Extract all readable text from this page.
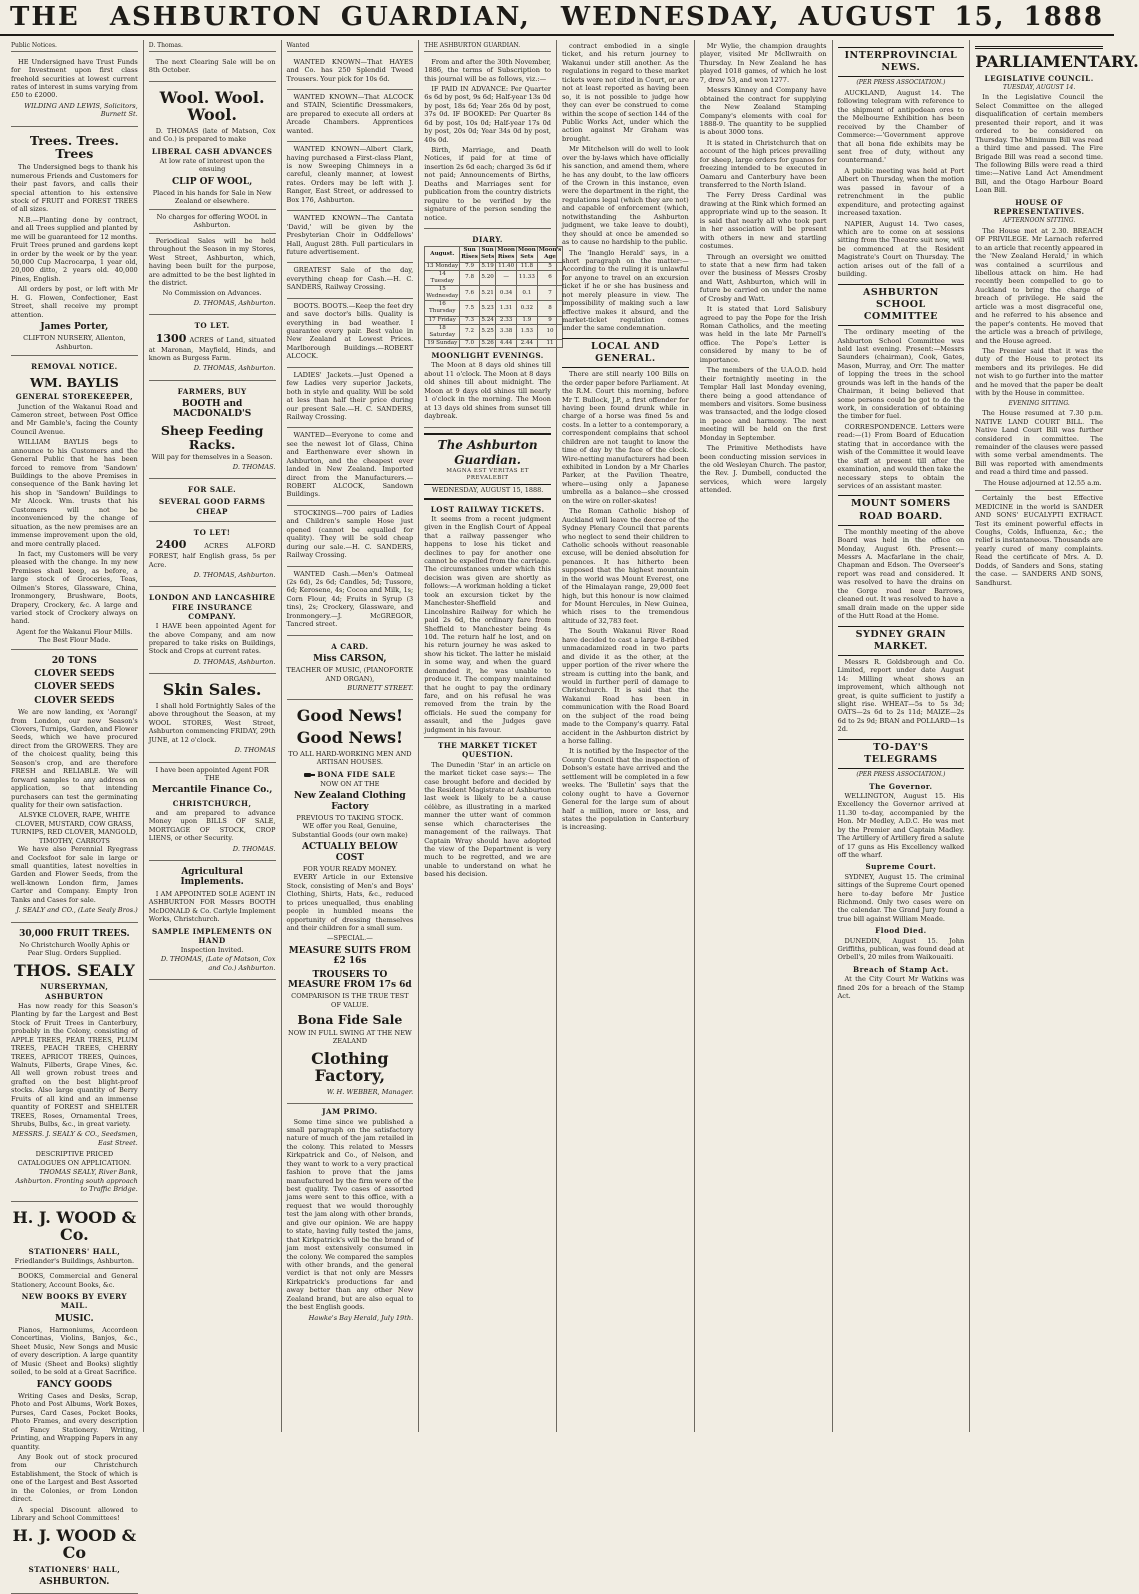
THE ASHBURTON GUARDIAN, WEDNESDAY, AUGUST 15, 1888
Public Notices.

HE Undersigned have Trust Funds for Investment upon first class freehold securities at lowest current rates of interest in sums varying from £50 to £2000.

WILDING AND LEWIS, Solicitors, Burnett St.
Trees. Trees. Trees

The Undersigned begs to thank his numerous Friends and Customers for their past favors, and calls their special attention to his extensive stock of FRUIT and FOREST TREES of all sizes.

N.B.—Planting done by contract, and all Trees supplied and planted by me will be guaranteed for 12 months. Fruit Trees pruned and gardens kept in order by the week or by the year. 50,000 Cup Macrocarpa, 1 year old, 20,000 ditto, 2 years old. 40,000 Pines, English.

All orders by post, or left with Mr H. G. Flowen, Confectioner, East Street, shall receive my prompt attention.

James Porter,
CLIFTON NURSERY, Allenton, Ashburton.
REMOVAL NOTICE.
WM. BAYLIS
GENERAL STOREKEEPER,

Junction of the Wakanui Road and Cameron street, between Post Office and Mr Gamble's, facing the County Council Avenue.

WILLIAM BAYLIS begs to announce to his Customers and the General Public that he has been forced to remove from 'Sandown' Buildings to the above Premises in consequence of the Bank having let his shop in 'Sandown' Buildings to Mr Alcock. Wm. trusts that his Customers will not be inconvenienced by the change of situation, as the new premises are an immense improvement upon the old, and more centrally placed.

In fact, my Customers will be very pleased with the change. In my new Premises shall keep, as before, a large stock of Groceries, Teas, Oilmen's Stores, Glassware, China, Ironmongery, Brushware, Boots, Drapery, Crockery, &c. A large and varied stock of Crockery always on hand.

Agent for the Wakanui Flour Mills. The Best Flour Made.
20 TONS
CLOVER SEEDS
CLOVER SEEDS
CLOVER SEEDS

We are now landing, ex 'Aorangi' from London, our new Season's Clovers, Turnips, Garden, and Flower Seeds, which we have procured direct from the GROWERS. They are of the choicest quality, being this Season's crop, and are therefore FRESH and RELIABLE. We will forward samples to any address on application, so that intending purchasers can test the germinating quality for their own satisfaction.

ALSYKE CLOVER, RAPE, WHITE CLOVER, MUSTARD, COW GRASS, TURNIPS, RED CLOVER, MANGOLD, TIMOTHY, CARROTS

We have also Perennial Ryegrass and Cocksfoot for sale in large or small quantities, latest novelties in Garden and Flower Seeds, from the well-known London firm, James Carter and Company. Empty Iron Tanks and Cases for sale.

J. SEALY and CO., (Late Sealy Bros.)
30,000 FRUIT TREES.
No Christchurch Woolly Aphis or Pear Slug. Orders Supplied.
THOS. SEALY
NURSERYMAN, ASHBURTON

Has now ready for this Season's Planting by far the Largest and Best Stock of Fruit Trees in Canterbury, probably in the Colony, consisting of APPLE TREES, PEAR TREES, PLUM TREES, PEACH TREES, CHERRY TREES, APRICOT TREES, Quinces, Walnuts, Filberts, Grape Vines, &c. All well grown robust trees and grafted on the best blight-proof stocks. Also large quantity of Berry Fruits of all kind and an immense quantity of FOREST and SHELTER TREES, Roses, Ornamental Trees, Shrubs, Bulbs, &c., in great variety.

MESSRS. J. SEALY & CO., Seedsmen, East Street.
DESCRIPTIVE PRICED CATALOGUES ON APPLICATION.
THOMAS SEALY, River Bank, Ashburton. Fronting south approach to Traffic Bridge.
H. J. WOOD & Co.
STATIONERS' HALL,
Friedlander's Buildings, Ashburton.

BOOKS, Commercial and General Stationery, Account Books, &c.

NEW BOOKS BY EVERY MAIL.
MUSIC.

Pianos, Harmoniums, Accordeon Concertinas, Violins, Banjos, &c., Sheet Music, New Songs and Music of every description. A large quantity of Music (Sheet and Books) slightly soiled, to be sold at a Great Sacrifice.

FANCY GOODS

Writing Cases and Desks, Scrap, Photo and Post Albums, Work Boxes, Purses, Card Cases, Pocket Books, Photo Frames, and every description of Fancy Stationery. Writing, Printing, and Wrapping Papers in any quantity.

Any Book out of stock procured from our Christchurch Establishment, the Stock of which is one of the Largest and Best Assorted in the Colonies, or from London direct.

A special Discount allowed to Library and School Committees!

H. J. WOOD & Co
STATIONERS' HALL,
ASHBURTON.
D. Thomas.

The next Clearing Sale will be on 8th October.

Wool. Wool. Wool.

D. THOMAS (late of Matson, Cox and Co.) is prepared to make

LIBERAL CASH ADVANCES
At low rate of interest upon the ensuing
CLIP OF WOOL,
Placed in his hands for Sale in New Zealand or elsewhere.
No charges for offering WOOL in Ashburton.

Periodical Sales will be held throughout the Season in my Stores, West Street, Ashburton, which, having been built for the purpose, are admitted to be the best lighted in the district.

No Commission on Advances.
D. THOMAS, Ashburton.
TO LET.

1300 ACRES of Land, situated at Maronan, Mayfield, Hinds, and known as Burgess Farm.

D. THOMAS, Ashburton.
FARMERS, BUY
BOOTH and MACDONALD'S
Sheep Feeding Racks.
Will pay for themselves in a Season.
D. THOMAS.
FOR SALE.
SEVERAL GOOD FARMS CHEAP
TO LET!

2400	ACRES ALFORD FOREST, half English grass, 5s per Acre.

D. THOMAS, Ashburton.
LONDON AND LANCASHIRE FIRE INSURANCE COMPANY.

I HAVE been appointed Agent for the above Company, and am now prepared to take risks on Buildings, Stock and Crops at current rates.

D. THOMAS, Ashburton.
Skin Sales.

I shall hold Fortnightly Sales of the above throughout the Season, at my WOOL STORES, West Street, Ashburton commencing FRIDAY, 29th JUNE, at 12 o'clock.

D. THOMAS
I have been appointed Agent FOR THE
Mercantile Finance Co.,
CHRISTCHURCH,

and am prepared to advance Money upon BILLS OF SALE, MORTGAGE OF STOCK, CROP LIENS, or other Security.

D. THOMAS.
Agricultural Implements.

I AM APPOINTED SOLE AGENT IN ASHBURTON FOR Messrs BOOTH McDONALD & Co. Carlyle Implement Works, Christchurch.

SAMPLE IMPLEMENTS ON HAND
Inspection Invited.
D. THOMAS, (Late of Matson, Cox and Co.) Ashburton.
Wanted

WANTED KNOWN—That HAYES and Co. has 250 Splendid Tweed Trousers. Your pick for 10s 6d.

WANTED KNOWN—That ALCOCK and STAIN, Scientific Dressmakers, are prepared to execute all orders at Arcade Chambers. Apprentices wanted.

WANTED KNOWN—Albert Clark, having purchased a First-class Plant, is now Sweeping Chimneys in a careful, cleanly manner, at lowest rates. Orders may be left with J. Ranger, East Street, or addressed to Box 176, Ashburton.

WANTED KNOWN—The Cantata 'David,' will be given by the Presbyterian Choir in Oddfellows' Hall, August 28th. Full particulars in future advertisement.

GREATEST Sale of the day, everything cheap for Cash.—H. C. SANDERS, Railway Crossing.

BOOTS. BOOTS.—Keep the feet dry and save doctor's bills. Quality is everything in bad weather. I guarantee every pair. Best value in New Zealand at Lowest Prices. Marlborough Buildings.—ROBERT ALCOCK.

LADIES' Jackets.—Just Opened a few Ladies very superior Jackets, both in style and quality. Will be sold at less than half their price during our present Sale.—H. C. SANDERS, Railway Crossing.

WANTED—Everyone to come and see the newest lot of Glass, China and Earthenware ever shown in Ashburton, and the cheapest ever landed in New Zealand. Imported direct from the Manufacturers.—ROBERT ALCOCK, Sandown Buildings.

STOCKINGS—700 pairs of Ladies and Children's sample Hose just opened (cannot be equalled for quality). They will be sold cheap during our sale.—H. C. SANDERS, Railway Crossing.

WANTED Cash.—Men's Oatmeal (2s 6d), 2s 6d; Candles, 5d; Tussore, 6d; Kerosene, 4s; Cocoa and Milk, 1s; Corn Flour, 4d; Fruits in Syrup (3 tins), 2s; Crockery, Glassware, and Ironmongery.—J. McGREGOR, Tancred street.

A CARD.
Miss CARSON,
TEACHER OF MUSIC, (PIANOFORTE AND ORGAN),
BURNETT STREET.
Good News!
Good News!
TO ALL HARD-WORKING MEN AND ARTISAN HOUSES.
BONA FIDE SALE
NOW ON AT THE
New Zealand Clothing Factory
PREVIOUS TO TAKING STOCK.
WE offer you Real, Genuine, Substantial Goods (our own make)
ACTUALLY BELOW COST
FOR YOUR READY MONEY.

EVERY Article in our Extensive Stock, consisting of Men's and Boys' Clothing, Shirts, Hats, &c., reduced to prices unequalled, thus enabling people in humbled means the opportunity of dressing themselves and their children for a small sum.

—SPECIAL.—
MEASURE SUITS FROM £2 16s
TROUSERS TO MEASURE FROM 17s 6d
COMPARISON IS THE TRUE TEST OF VALUE.
Bona Fide Sale
NOW IN FULL SWING AT THE NEW ZEALAND
Clothing Factory,
W. H. WEBBER, Manager.
JAM PRIMO.

Some time since we published a small paragraph on the satisfactory nature of much of the jam retailed in the colony. This related to Messrs Kirkpatrick and Co., of Nelson, and they want to work to a very practical fashion to prove that the jams manufactured by the firm were of the best quality. Two cases of assorted jams were sent to this office, with a request that we would thoroughly test the jam along with other brands, and give our opinion. We are happy to state, having fully tested the jams, that Kirkpatrick's will be the brand of jam most extensively consumed in the colony. We compared the samples with other brands, and the general verdict is that not only are Messrs Kirkpatrick's productions far and away better than any other New Zealand brand, but are also equal to the best English goods.

Hawke's Bay Herald, July 19th.
THE ASHBURTON GUARDIAN.

From and after the 30th November, 1886, the terms of Subscription to this journal will be as follows, viz.:—

IF PAID IN ADVANCE: Per Quarter 6s 6d by post, 9s 6d; Half-year 13s 0d by post, 18s 6d; Year 26s 0d by post, 37s 0d. IF BOOKED: Per Quarter 8s 6d by post, 10s 0d; Half-year 17s 0d by post, 20s 0d; Year 34s 0d by post, 40s 0d.

Birth, Marriage, and Death Notices, if paid for at time of insertion 2s 6d each; charged 3s 6d if not paid; Announcements of Births, Deaths and Marriages sent for publication from the country districts require to be verified by the signature of the person sending the notice.

DIARY.
August.	Sun Rises	Sun Sets	Moon Rises	Moon Sets	Moon's Age
13 Monday	7.9	5.19	11.40	11.8	5
14 Tuesday	7.8	5.20	—	11.33	6
15 Wednesday	7.6	5.21	0.34	0.1	7
16 Thursday	7.5	5.23	1.31	0.32	8
17 Friday	7.3	5.24	2.33	1.9	9
18 Saturday	7.2	5.25	3.38	1.53	10
19 Sunday	7.0	5.26	4.44	2.44	11
MOONLIGHT EVENINGS.

The Moon at 8 days old shines till about 11 o'clock. The Moon at 8 days old shines till about midnight. The Moon at 9 days old shines till nearly 1 o'clock in the morning. The Moon at 13 days old shines from sunset till daybreak.

The Ashburton Guardian.
MAGNA EST VERITAS ET PREVALEBIT
WEDNESDAY, AUGUST 15, 1888.
LOST RAILWAY TICKETS.

It seems from a recent judgment given in the English Court of Appeal that a railway passenger who happens to lose his ticket and declines to pay for another one cannot be expelled from the carriage. The circumstances under which this decision was given are shortly as follows:—A workman holding a ticket took an excursion ticket by the Manchester-Sheffield and Lincolnshire Railway for which he paid 2s 6d, the ordinary fare from Sheffield to Manchester being 4s 10d. The return half he lost, and on his return journey he was asked to show his ticket. The latter he mislaid in some way, and when the guard demanded it, he was unable to produce it. The company maintained that he ought to pay the ordinary fare, and on his refusal he was removed from the train by the officials. He sued the company for assault, and the Judges gave judgment in his favour.

THE MARKET TICKET QUESTION.

The Dunedin 'Star' in an article on the market ticket case says:— The case brought before and decided by the Resident Magistrate at Ashburton last week is likely to be a cause célèbre, as illustrating in a marked manner the utter want of common sense which characterises the management of the railways. That Captain Wray should have adopted the view of the Department is very much to be regretted, and we are unable to understand on what he based his decision.

contract embodied in a single ticket, and his return journey to Wakanui under still another. As the regulations in regard to these market tickets were not cited in Court, or are not at least reported as having been so, it is not possible to judge how they can ever be construed to come within the scope of section 144 of the Public Works Act, under which the action against Mr Graham was brought.

Mr Mitchelson will do well to look over the by-laws which have officially his sanction, and amend them, where he has any doubt, to the law officers of the Crown in this instance, even were the department in the right, the regulations legal (which they are not) and capable of enforcement (which, notwithstanding the Ashburton judgment, we take leave to doubt), they should at once be amended so as to cause no hardship to the public.

The 'Inanglo Herald' says, in a short paragraph on the matter:—According to the ruling it is unlawful for anyone to travel on an excursion ticket if he or she has business and not merely pleasure in view. The impossibility of making such a law effective makes it absurd, and the market-ticket regulation comes under the same condemnation.

LOCAL AND GENERAL.

There are still nearly 100 Bills on the order paper before Parliament. At the R.M. Court this morning, before Mr T. Bullock, J.P., a first offender for having been found drunk while in charge of a horse was fined 5s and costs. In a letter to a contemporary, a correspondent complains that school children are not taught to know the time of day by the face of the clock. Wire-netting manufacturers had been exhibited in London by a Mr Charles Parker, at the Pavilion Theatre, where—using only a Japanese umbrella as a balance—she crossed on the wire on roller-skates!

The Roman Catholic bishop of Auckland will leave the decree of the Sydney Plenary Council that parents who neglect to send their children to Catholic schools without reasonable excuse, will be denied absolution for penances. It has hitherto been supposed that the highest mountain in the world was Mount Everest, one of the Himalayan range, 29,000 feet high, but this honour is now claimed for Mount Hercules, in New Guinea, which rises to the tremendous altitude of 32,783 feet.

The South Wakanui River Road have decided to cast a large 8-ribbed unmacadamized road in two parts and divide it as the other, at the upper portion of the river where the stream is cutting into the bank, and would in further peril of damage to Christchurch. It is said that the Wakanui Road has been in communication with the Road Board on the subject of the road being made to the Company's quarry. Fatal accident in the Ashburton district by a horse falling.

It is notified by the Inspector of the County Council that the inspection of Dobson's estate have arrived and the settlement will be completed in a few weeks. The 'Bulletin' says that the colony ought to have a Governor General for the large sum of about half a million, more or less, and states the population in Canterbury is increasing.

Mr Wylie, the champion draughts player, visited Mr McIlwraith on Thursday. In New Zealand he has played 1018 games, of which he lost 7, drew 53, and won 1277.

Messrs Kinney and Company have obtained the contract for supplying the New Zealand Stamping Company's elements with coal for 1888-9. The quantity to be supplied is about 3000 tons.

It is stated in Christchurch that on account of the high prices prevailing for sheep, large orders for guanos for freezing intended to be executed in Oamaru and Canterbury have been transferred to the North Island.

The Ferry Dress Cardinal was drawing at the Rink which formed an appropriate wind up to the season. It is said that nearly all who took part in her association will be present with others in new and startling costumes.

Through an oversight we omitted to state that a new firm had taken over the business of Messrs Crosby and Watt, Ashburton, which will in future be carried on under the name of Crosby and Watt.

It is stated that Lord Salisbury agreed to pay the Pope for the Irish Roman Catholics, and the meeting was held in the late Mr Parnell's office. The Pope's Letter is considered by many to be of importance.

The members of the U.A.O.D. held their fortnightly meeting in the Templar Hall last Monday evening, there being a good attendance of members and visitors. Some business was transacted, and the lodge closed in peace and harmony. The next meeting will be held on the first Monday in September.

The Primitive Methodists have been conducting mission services in the old Wesleyan Church. The pastor, the Rev. J. Dumbell, conducted the services, which were largely attended.

INTERPROVINCIAL NEWS.
(PER PRESS ASSOCIATION.)

AUCKLAND, August 14. The following telegram with reference to the shipment of antipodean ores to the Melbourne Exhibition has been received by the Chamber of Commerce:—'Government approve that all bona fide exhibits may be sent free of duty, without any countermand.'

A public meeting was held at Port Albert on Thursday, when the motion was passed in favour of a retrenchment in the public expenditure, and protecting against increased taxation.

NAPIER, August 14. Two cases, which are to come on at sessions sitting from the Theatre suit now, will be commenced at the Resident Magistrate's Court on Thursday. The action arises out of the fall of a building.

ASHBURTON SCHOOL COMMITTEE

The ordinary meeting of the Ashburton School Committee was held last evening. Present:—Messrs Saunders (chairman), Cook, Gates, Mason, Murray, and Orr. The matter of lopping the trees in the school grounds was left in the hands of the Chairman, it being believed that some persons could be got to do the work, in consideration of obtaining the timber for fuel.

CORRESPONDENCE. Letters were read:—(1) From Board of Education stating that in accordance with the wish of the Committee it would leave the staff at present till after the examination, and would then take the necessary steps to obtain the services of an assistant master.

MOUNT SOMERS ROAD BOARD.

The monthly meeting of the above Board was held in the office on Monday, August 6th. Present:—Messrs A. Macfarlane in the chair, Chapman and Edson. The Overseer's report was read and considered. It was resolved to have the drains on the Gorge road near Barrows, cleaned out. It was resolved to have a small drain made on the upper side of the Hutt Road at the Home.

SYDNEY GRAIN MARKET.

Messrs R. Goldsbrough and Co. Limited, report under date August 14: Milling wheat shows an improvement, which although not great, is quite sufficient to justify a slight rise. WHEAT—5s to 5s 3d; OATS—2s 6d to 2s 11d; MAIZE—2s 6d to 2s 9d; BRAN and POLLARD—1s 2d.

TO-DAY'S TELEGRAMS
(PER PRESS ASSOCIATION.)
The Governor.

WELLINGTON, August 15. His Excellency the Governor arrived at 11.30 to-day, accompanied by the Hon. Mr Medley, A.D.C. He was met by the Premier and Captain Madley. The Artillery of Artillery fired a salute of 17 guns as His Excellency walked off the wharf.

Supreme Court.

SYDNEY, August 15. The criminal sittings of the Supreme Court opened here to-day before Mr Justice Richmond. Only two cases were on the calendar. The Grand Jury found a true bill against William Meade.

Flood Died.

DUNEDIN, August 15. John Griffiths, publican, was found dead at Orbell's, 20 miles from Waikouaiti.

Breach of Stamp Act.

At the City Court Mr Watkins was fined 20s for a breach of the Stamp Act.

PARLIAMENTARY.
LEGISLATIVE COUNCIL.
TUESDAY, AUGUST 14.

In the Legislative Council the Select Committee on the alleged disqualification of certain members presented their report, and it was ordered to be considered on Thursday. The Minimum Bill was read a third time and passed. The Fire Brigade Bill was read a second time. The following Bills were read a third time:—Native Land Act Amendment Bill, and the Otago Harbour Board Loan Bill.

HOUSE OF REPRESENTATIVES.
AFTERNOON SITTING.

The House met at 2.30. BREACH OF PRIVILEGE. Mr Larnach referred to an article that recently appeared in the 'New Zealand Herald,' in which was contained a scurrilous and libellous attack on him. He had recently been compelled to go to Auckland to bring the charge of breach of privilege. He said the article was a most disgraceful one, and he referred to his absence and the paper's contents. He moved that the article was a breach of privilege, and the House agreed.

The Premier said that it was the duty of the House to protect its members and its privileges. He did not wish to go further into the matter and he moved that the paper be dealt with by the House in committee.

EVENING SITTING.

The House resumed at 7.30 p.m. NATIVE LAND COURT BILL. The Native Land Court Bill was further considered in committee. The remainder of the clauses were passed with some verbal amendments. The Bill was reported with amendments and read a third time and passed.

The House adjourned at 12.55 a.m.

Certainly the best Effective MEDICINE in the world is SANDER AND SONS' EUCALYPTI EXTRACT. Test its eminent powerful effects in Coughs, Colds, Influenza, &c.; the relief is instantaneous. Thousands are yearly cured of many complaints. Read the certificate of Mrs. A. D. Dodds, of Sanders and Sons, stating the case. — SANDERS AND SONS, Sandhurst.
